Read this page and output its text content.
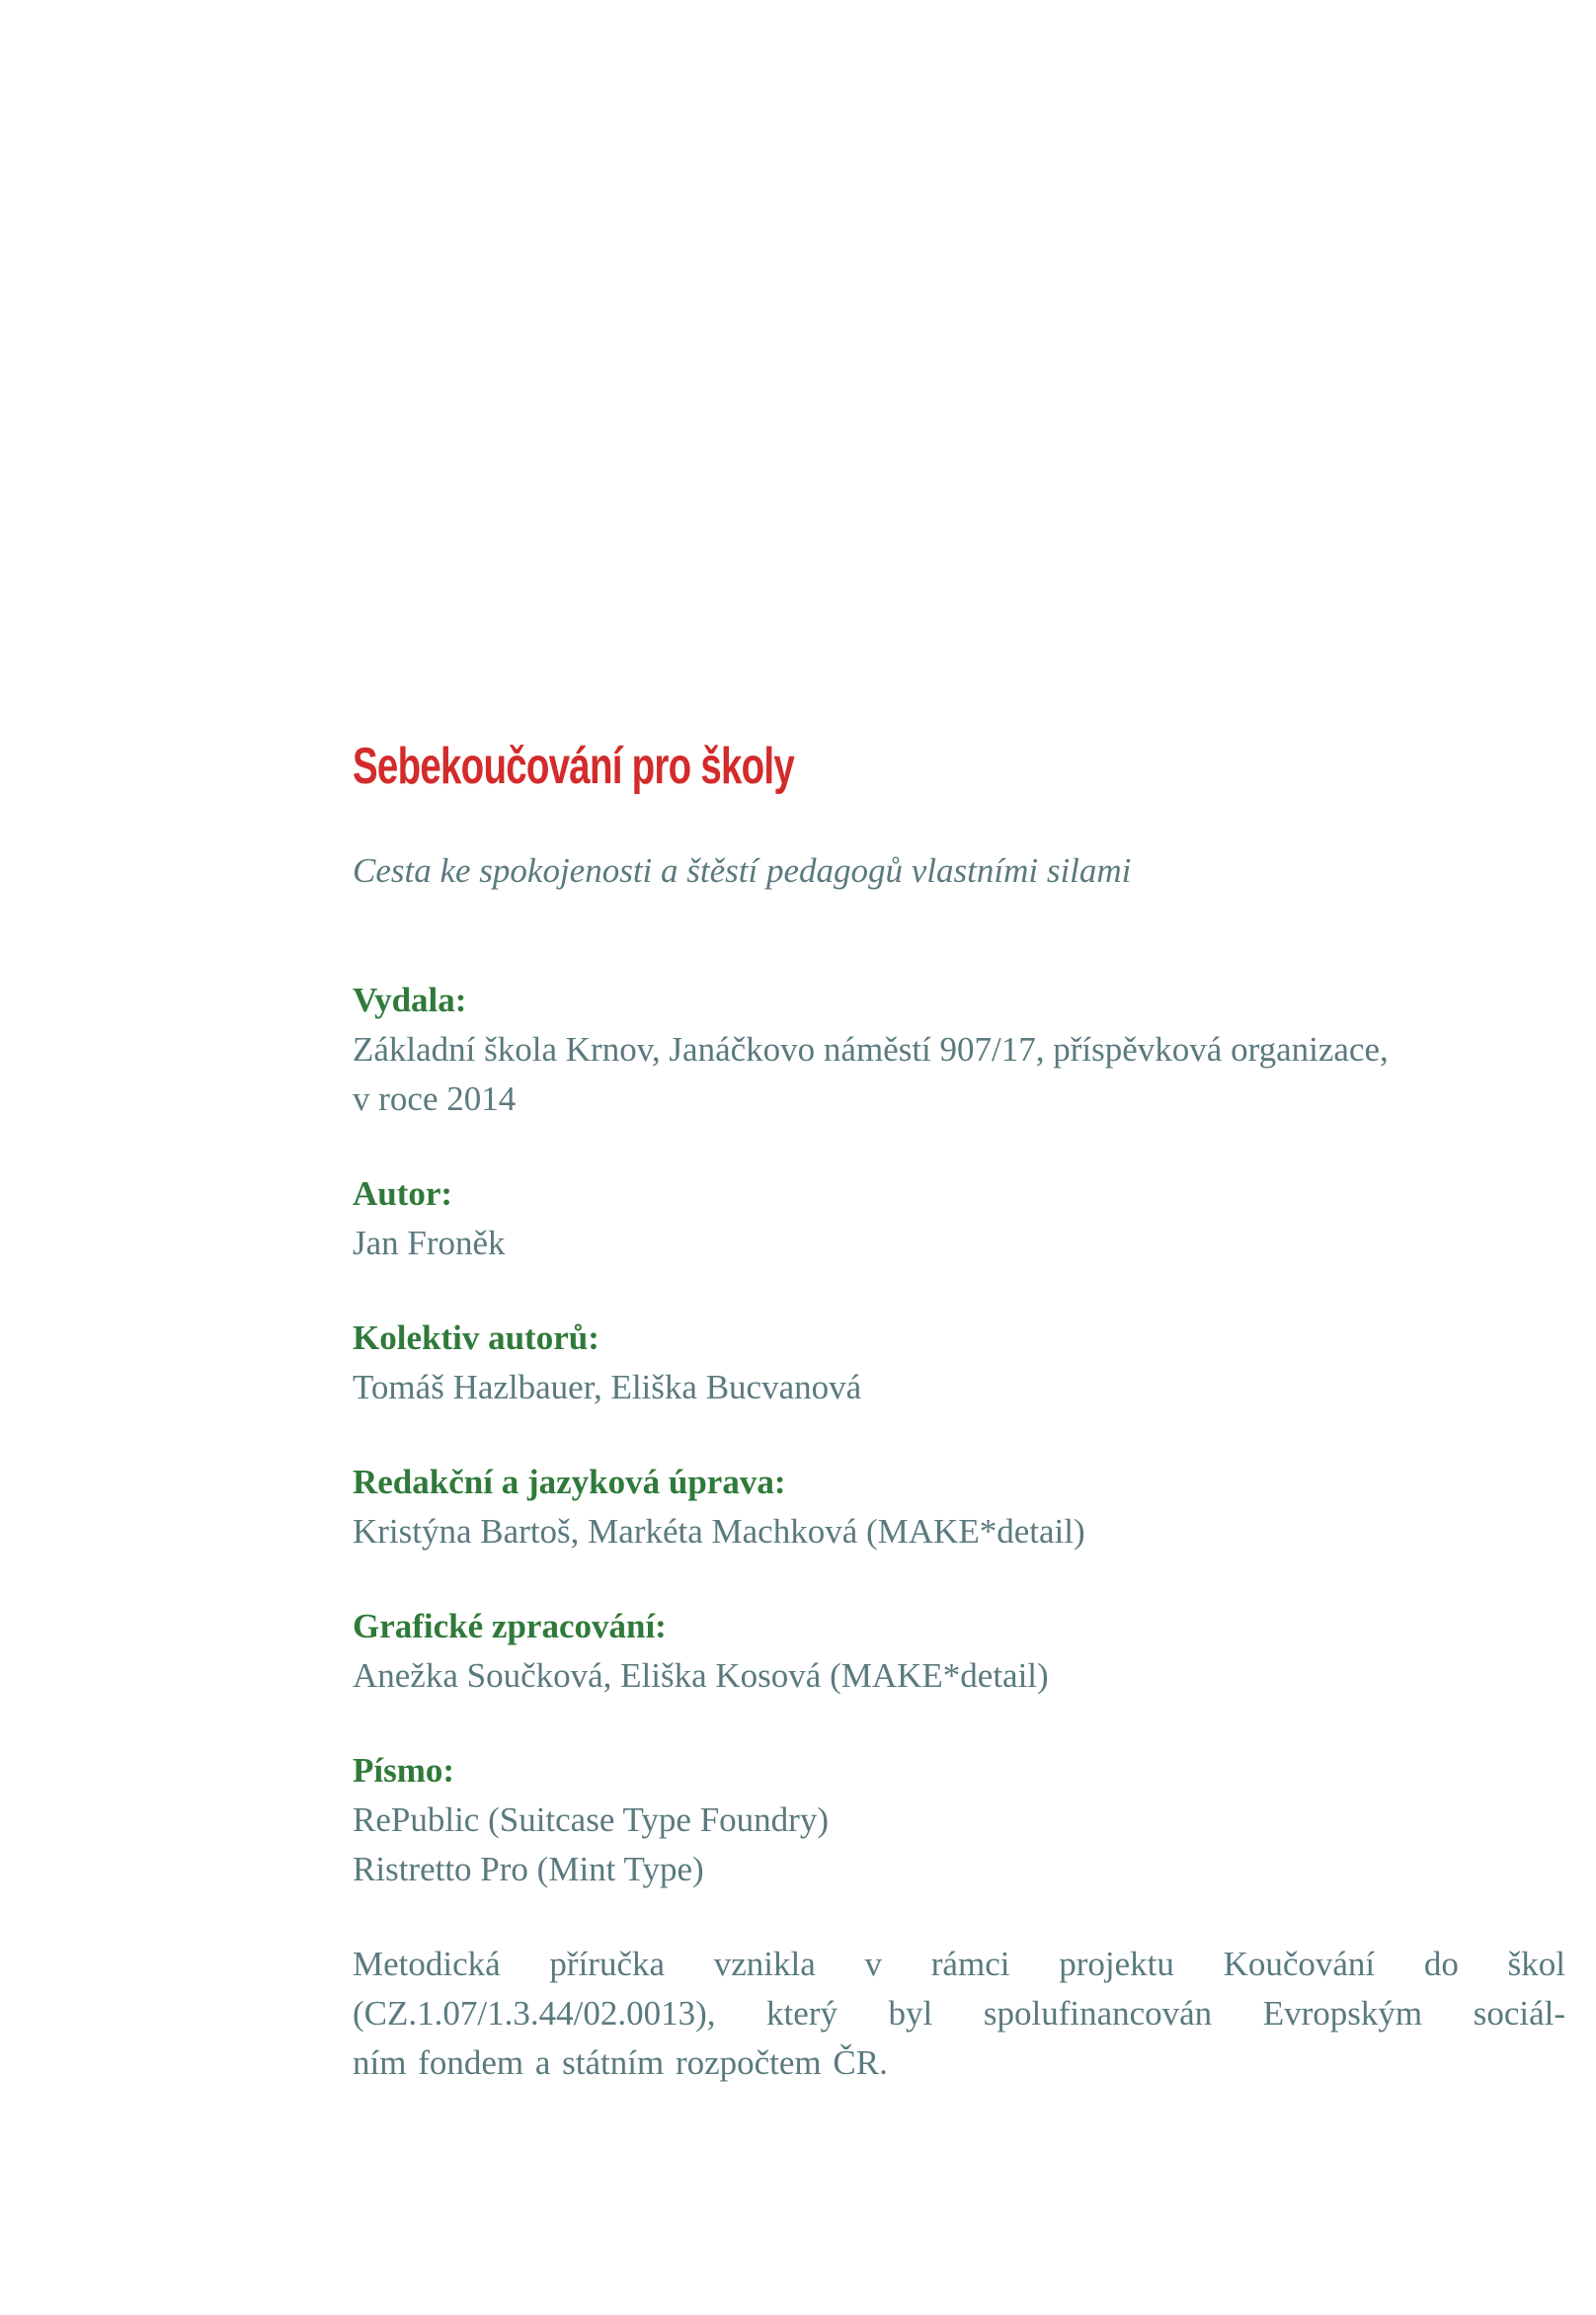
Sebekoučování pro školy
Cesta ke spokojenosti a štěstí pedagogů vlastními silami
Vydala:
Základní škola Krnov, Janáčkovo náměstí 907/17, příspěvková organizace,
v roce 2014
Autor:
Jan Froněk
Kolektiv autorů:
Tomáš Hazlbauer, Eliška Bucvanová
Redakční a jazyková úprava:
Kristýna Bartoš, Markéta Machková (MAKE*detail)
Grafické zpracování:
Anežka Součková, Eliška Kosová (MAKE*detail)
Písmo:
RePublic (Suitcase Type Foundry)
Ristretto Pro (Mint Type)
Metodická příručka vznikla v rámci projektu Koučování do škol
(CZ.1.07/1.3.44/02.0013), který byl spolufinancován Evropským sociál-
ním fondem a státním rozpočtem ČR.
